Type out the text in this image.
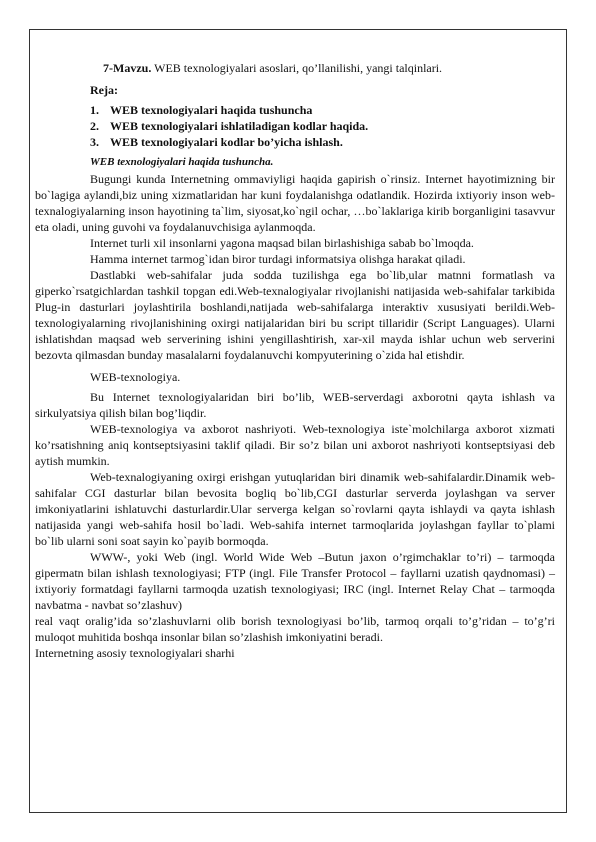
7-Mavzu. WEB texnologiyalari asoslari, qo’llanilishi, yangi talqinlari.
Reja:
1. WEB texnologiyalari haqida tushuncha
2. WEB texnologiyalari ishlatiladigan kodlar haqida.
3. WEB texnologiyalari kodlar bo’yicha ishlash.
WEB texnologiyalari haqida tushuncha.

Bugungi kunda Internetning ommaviyligi haqida gapirish o`rinsiz. Internet hayotimizning bir bo`lagiga aylandi,biz uning xizmatlaridan har kuni foydalanishga odatlandik. Hozirda ixtiyoriy inson web-texnalogiyalarning inson hayotining ta`lim, siyosat,ko`ngil ochar, …bo`laklariga kirib borganligini tasavvur eta oladi, uning guvohi va foydalanuvchisiga aylanmoqda.

Internet turli xil insonlarni yagona maqsad bilan birlashishiga sabab bo`lmoqda.

Hamma internet tarmog`idan biror turdagi informatsiya olishga harakat qiladi.

Dastlabki web-sahifalar juda sodda tuzilishga ega bo`lib,ular matnni formatlash va giperko`rsatgichlardan tashkil topgan edi.Web-texnalogiyalar rivojlanishi natijasida web-sahifalar tarkibida Plug-in dasturlari joylashtirila boshlandi,natijada web-sahifalarga interaktiv xususiyati berildi.Web-texnologiyalarning rivojlanishining oxirgi natijalaridan biri bu script tillaridir (Script Languages). Ularni ishlatishdan maqsad web serverining ishini yengillashtirish, xar-xil mayda ishlar uchun web serverini bezovta qilmasdan bunday masalalarni foydalanuvchi kompyuterining o`zida hal etishdir.

WEB-texnologiya.

Bu Internet texnologiyalaridan biri bo’lib, WEB-serverdagi axborotni qayta ishlash va sirkulyatsiya qilish bilan bog’liqdir.

WEB-texnologiya va axborot nashriyoti. Web-texnologiya iste`molchilarga axborot xizmati ko’rsatishning aniq kontseptsiyasini taklif qiladi. Bir so’z bilan uni axborot nashriyoti kontseptsiyasi deb aytish mumkin.

Web-texnalogiyaning oxirgi erishgan yutuqlaridan biri dinamik web-sahifalardir.Dinamik web-sahifalar CGI dasturlar bilan bevosita bogliq bo`lib,CGI dasturlar serverda joylashgan va server imkoniyatlarini ishlatuvchi dasturlardir.Ular serverga kelgan so`rovlarni qayta ishlaydi va qayta ishlash natijasida yangi web-sahifa hosil bo`ladi. Web-sahifa internet tarmoqlarida joylashgan fayllar to`plami bo`lib ularni soni soat sayin ko`payib bormoqda.

WWW-, yoki Web (ingl. World Wide Web –Butun jaxon o’rgimchaklar to’ri) – tarmoqda gipermatn bilan ishlash texnologiyasi; FTP (ingl. File Transfer Protocol – fayllarni uzatish qaydnomasi) – ixtiyoriy formatdagi fayllarni tarmoqda uzatish texnologiyasi; IRC (ingl. Internet Relay Chat – tarmoqda navbatma - navbat so’zlashuv)

real vaqt oralig’ida so’zlashuvlarni olib borish texnologiyasi bo’lib, tarmoq orqali to’g’ridan – to’g’ri muloqot muhitida boshqa insonlar bilan so’zlashish imkoniyatini beradi.

Internetning asosiy texnologiyalari sharhi
